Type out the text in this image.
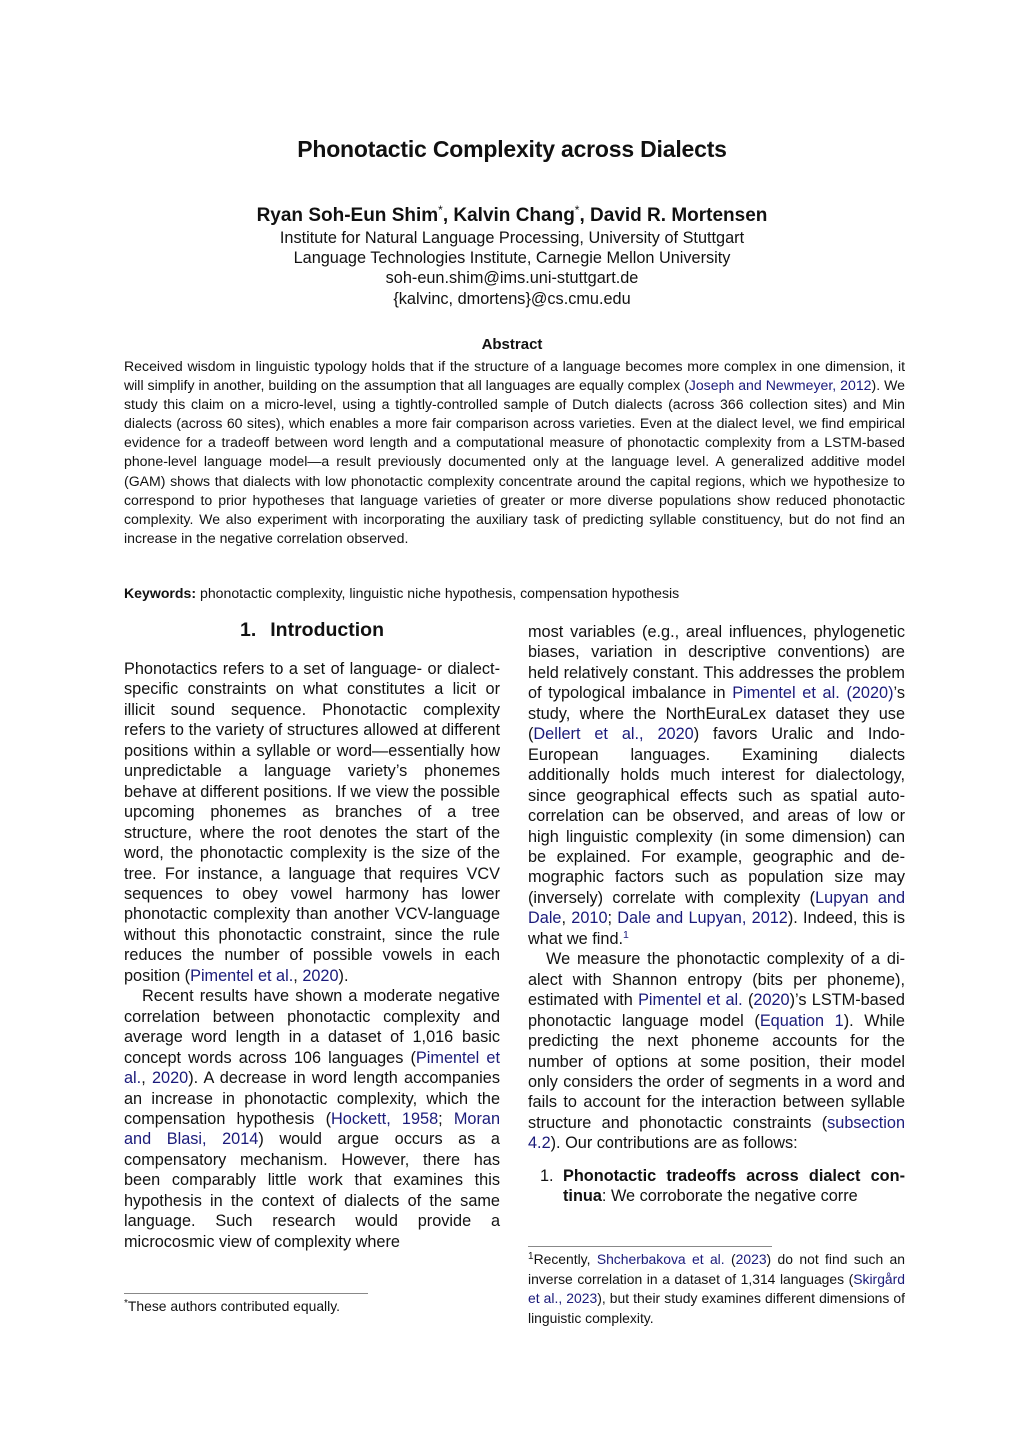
Phonotactic Complexity across Dialects
Ryan Soh-Eun Shim*, Kalvin Chang*, David R. Mortensen
Institute for Natural Language Processing, University of Stuttgart
Language Technologies Institute, Carnegie Mellon University
soh-eun.shim@ims.uni-stuttgart.de
{kalvinc, dmortens}@cs.cmu.edu
Abstract
Received wisdom in linguistic typology holds that if the structure of a language becomes more complex in one dimension, it will simplify in another, building on the assumption that all languages are equally complex (Joseph and Newmeyer, 2012). We study this claim on a micro-level, using a tightly-controlled sample of Dutch dialects (across 366 collection sites) and Min dialects (across 60 sites), which enables a more fair comparison across varieties. Even at the dialect level, we find empirical evidence for a tradeoff between word length and a computational measure of phonotactic complexity from a LSTM-based phone-level language model—a result previously documented only at the language level. A generalized additive model (GAM) shows that dialects with low phonotactic complexity concentrate around the capital regions, which we hypothesize to correspond to prior hypotheses that language varieties of greater or more diverse populations show reduced phonotactic complexity. We also experiment with incorporating the auxiliary task of predicting syllable constituency, but do not find an increase in the negative correlation observed.
Keywords: phonotactic complexity, linguistic niche hypothesis, compensation hypothesis
1. Introduction

Phonotactics refers to a set of language- or dialect-specific constraints on what constitutes a licit or illicit sound sequence. Phonotactic complexity refers to the variety of structures allowed at different positions within a syllable or word—essentially how unpredictable a language variety’s phonemes behave at different positions. If we view the possible upcoming phonemes as branches of a tree structure, where the root denotes the start of the word, the phonotactic complexity is the size of the tree. For instance, a language that requires VCV sequences to obey vowel harmony has lower phonotactic complexity than another VCV-language without this phonotactic constraint, since the rule reduces the number of possible vowels in each position (Pimentel et al., 2020).

Recent results have shown a moderate negative correlation between phonotactic complexity and average word length in a dataset of 1,016 basic concept words across 106 languages (Pimentel et al., 2020). A decrease in word length accompanies an increase in phonotactic complexity, which the compensation hypothesis (Hockett, 1958; Moran and Blasi, 2014) would argue occurs as a compensatory mechanism. However, there has been comparably little work that examines this hypothesis in the context of dialects of the same language. Such research would provide a microcosmic view of complexity where

most variables (e.g., areal influences, phylogenetic biases, variation in descriptive conventions) are held relatively constant. This addresses the problem of typological imbalance in Pimentel et al. (2020)’s study, where the NorthEuraLex dataset they use (Dellert et al., 2020) favors Uralic and Indo-European languages. Examining dialects additionally holds much interest for dialectology, since geographical effects such as spatial autocorrelation can be observed, and areas of low or high linguistic complexity (in some dimension) can be explained. For example, geographic and demographic factors such as population size may (inversely) correlate with complexity (Lupyan and Dale, 2010; Dale and Lupyan, 2012). Indeed, this is what we find.$^1$

We measure the phonotactic complexity of a dialect with Shannon entropy (bits per phoneme), estimated with Pimentel et al. (2020)’s LSTM-based phonotactic language model (Equation 1). While predicting the next phoneme accounts for the number of options at some position, their model only considers the order of segments in a word and fails to account for the interaction between syllable structure and phonotactic constraints (subsection 4.2). Our contributions are as follows:

1. Phonotactic tradeoffs across dialect continua: We corroborate the negative corre
*These authors contributed equally.
$^1$Recently, Shcherbakova et al. (2023) do not find such an inverse correlation in a dataset of 1,314 languages (Skirgård et al., 2023), but their study examines different dimensions of linguistic complexity.
